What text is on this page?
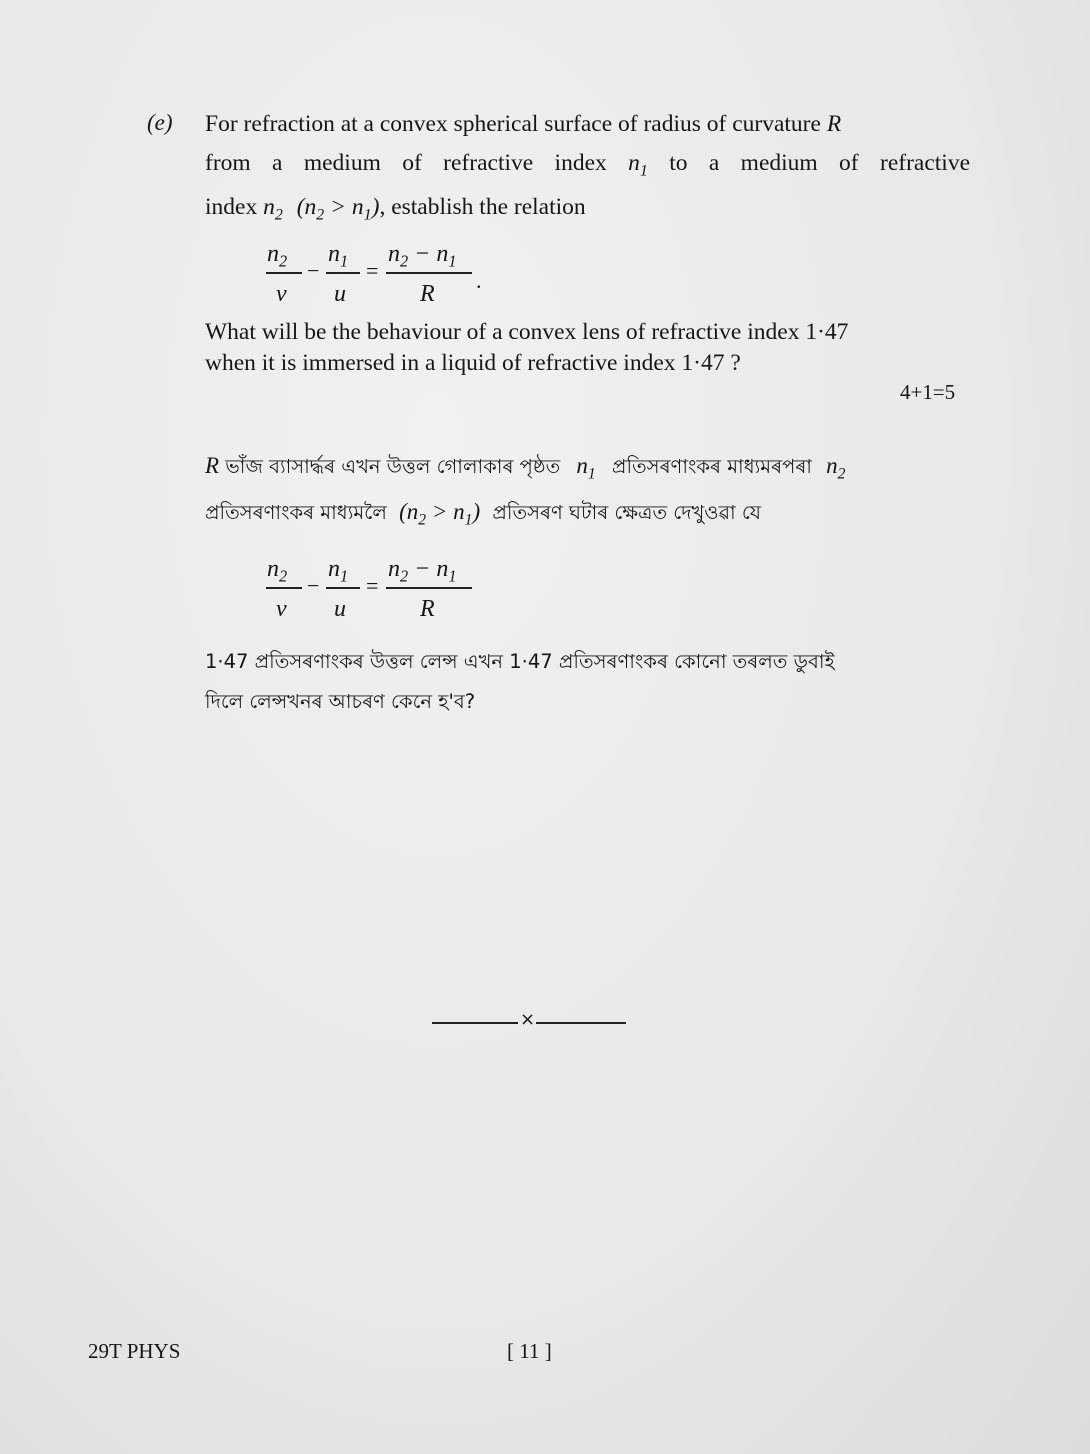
(e) For refraction at a convex spherical surface of radius of curvature R
from a medium of refractive index $n_1$ to a medium of refractive
index $n_2$ $(n_2 > n_1)$, establish the relation
$n_2$
v
−
$n_1$
u
=
$n_2 - n_1$
R
.
What will be the behaviour of a convex lens of refractive index 1·47
when it is immersed in a liquid of refractive index 1·47 ?
4+1=5
R ভাঁজ ব্যাসাৰ্দ্ধৰ এখন উত্তল গোলাকাৰ পৃষ্ঠত $n_1$ প্ৰতিসৰণাংকৰ মাধ্যমৰপৰা $n_2$
প্ৰতিসৰণাংকৰ মাধ্যমলৈ $(n_2 > n_1)$ প্ৰতিসৰণ ঘটাৰ ক্ষেত্ৰত দেখুওৱা যে
$n_2$
v
−
$n_1$
u
=
$n_2 - n_1$
R
1·47 প্ৰতিসৰণাংকৰ উত্তল লেন্স এখন 1·47 প্ৰতিসৰণাংকৰ কোনো তৰলত ডুবাই
দিলে লেন্সখনৰ আচৰণ কেনে হ'ব?
×
29T PHYS	[ 11 ]
